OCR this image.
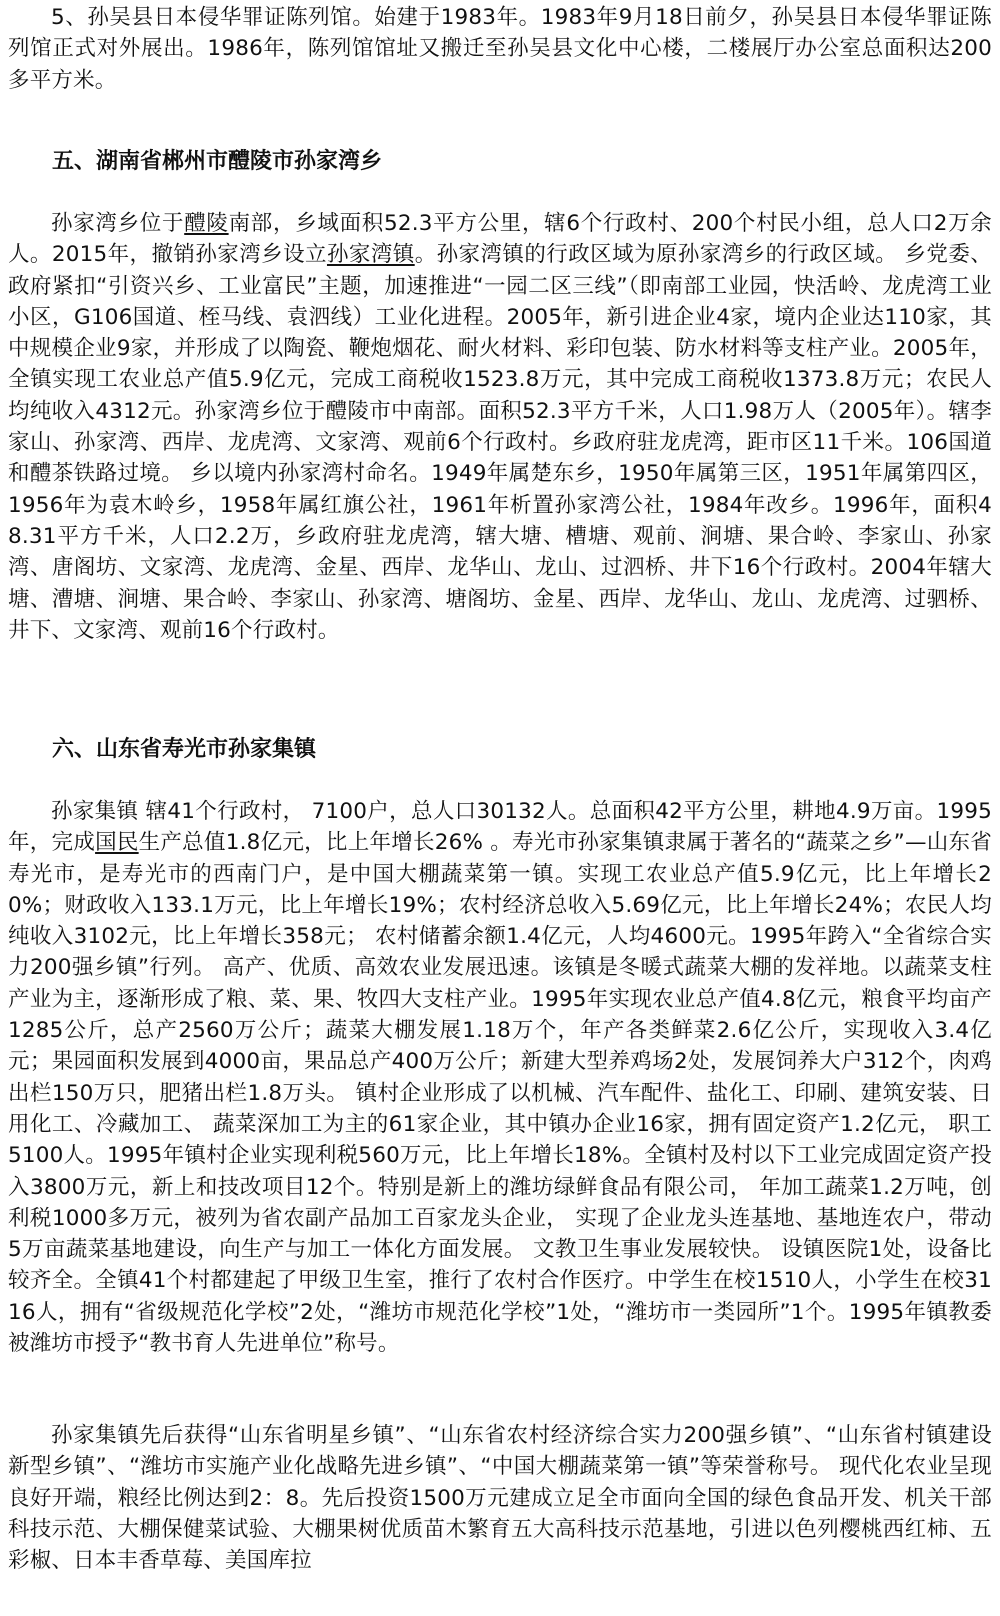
5、孙吴县日本侵华罪证陈列馆。始建于1983年。1983年9月18日前夕，孙吴县日本侵华罪证陈列馆正式对外展出。1986年，陈列馆馆址又搬迁至孙吴县文化中心楼，二楼展厅办公室总面积达200多平方米。

五、湖南省郴州市醴陵市孙家湾乡

孙家湾乡位于醴陵南部，乡域面积52.3平方公里，辖6个行政村、200个村民小组，总人口2万余人。2015年，撤销孙家湾乡设立孙家湾镇。孙家湾镇的行政区域为原孙家湾乡的行政区域。 乡党委、政府紧扣“引资兴乡、工业富民”主题，加速推进“一园二区三线”（即南部工业园，快活岭、龙虎湾工业小区，G106国道、桎马线、袁泗线）工业化进程。2005年，新引进企业4家，境内企业达110家，其中规模企业9家，并形成了以陶瓷、鞭炮烟花、耐火材料、彩印包装、防水材料等支柱产业。2005年，全镇实现工农业总产值5.9亿元，完成工商税收1523.8万元，其中完成工商税收1373.8万元；农民人均纯收入4312元。孙家湾乡位于醴陵市中南部。面积52.3平方千米，人口1.98万人（2005年）。辖李家山、孙家湾、西岸、龙虎湾、文家湾、观前6个行政村。乡政府驻龙虎湾，距市区11千米。106国道和醴茶铁路过境。 乡以境内孙家湾村命名。1949年属楚东乡，1950年属第三区，1951年属第四区，1956年为袁木岭乡，1958年属红旗公社，1961年析置孙家湾公社，1984年改乡。1996年，面积48.31平方千米，人口2.2万，乡政府驻龙虎湾，辖大塘、槽塘、观前、涧塘、果合岭、李家山、孙家湾、唐阁坊、文家湾、龙虎湾、金星、西岸、龙华山、龙山、过泗桥、井下16个行政村。2004年辖大塘、漕塘、涧塘、果合岭、李家山、孙家湾、塘阁坊、金星、西岸、龙华山、龙山、龙虎湾、过驷桥、井下、文家湾、观前16个行政村。

六、山东省寿光市孙家集镇

孙家集镇 辖41个行政村， 7100户，总人口30132人。总面积42平方公里，耕地4.9万亩。1995年，完成国民生产总值1.8亿元，比上年增长26% 。寿光市孙家集镇隶属于著名的“蔬菜之乡”—山东省寿光市，是寿光市的西南门户，是中国大棚蔬菜第一镇。实现工农业总产值5.9亿元，比上年增长20%；财政收入133.1万元，比上年增长19%；农村经济总收入5.69亿元，比上年增长24%；农民人均纯收入3102元，比上年增长358元； 农村储蓄余额1.4亿元，人均4600元。1995年跨入“全省综合实力200强乡镇”行列。 高产、优质、高效农业发展迅速。该镇是冬暖式蔬菜大棚的发祥地。以蔬菜支柱产业为主，逐渐形成了粮、菜、果、牧四大支柱产业。1995年实现农业总产值4.8亿元，粮食平均亩产1285公斤，总产2560万公斤；蔬菜大棚发展1.18万个，年产各类鲜菜2.6亿公斤，实现收入3.4亿元；果园面积发展到4000亩，果品总产400万公斤；新建大型养鸡场2处，发展饲养大户312个，肉鸡出栏150万只，肥猪出栏1.8万头。 镇村企业形成了以机械、汽车配件、盐化工、印刷、建筑安装、日用化工、冷藏加工、 蔬菜深加工为主的61家企业，其中镇办企业16家，拥有固定资产1.2亿元， 职工5100人。1995年镇村企业实现利税560万元，比上年增长18%。全镇村及村以下工业完成固定资产投入3800万元，新上和技改项目12个。特别是新上的潍坊绿鲜食品有限公司， 年加工蔬菜1.2万吨，创利税1000多万元，被列为省农副产品加工百家龙头企业， 实现了企业龙头连基地、基地连农户，带动5万亩蔬菜基地建设，向生产与加工一体化方面发展。 文教卫生事业发展较快。 设镇医院1处，设备比较齐全。全镇41个村都建起了甲级卫生室，推行了农村合作医疗。中学生在校1510人，小学生在校3116人，拥有“省级规范化学校”2处，“潍坊市规范化学校”1处，“潍坊市一类园所”1个。1995年镇教委被潍坊市授予“教书育人先进单位”称号。

孙家集镇先后获得“山东省明星乡镇”、“山东省农村经济综合实力200强乡镇”、“山东省村镇建设新型乡镇”、“潍坊市实施产业化战略先进乡镇”、“中国大棚蔬菜第一镇”等荣誉称号。 现代化农业呈现良好开端，粮经比例达到2：8。先后投资1500万元建成立足全市面向全国的绿色食品开发、机关干部科技示范、大棚保健菜试验、大棚果树优质苗木繁育五大高科技示范基地，引进以色列樱桃西红柿、五彩椒、日本丰香草莓、美国库拉
